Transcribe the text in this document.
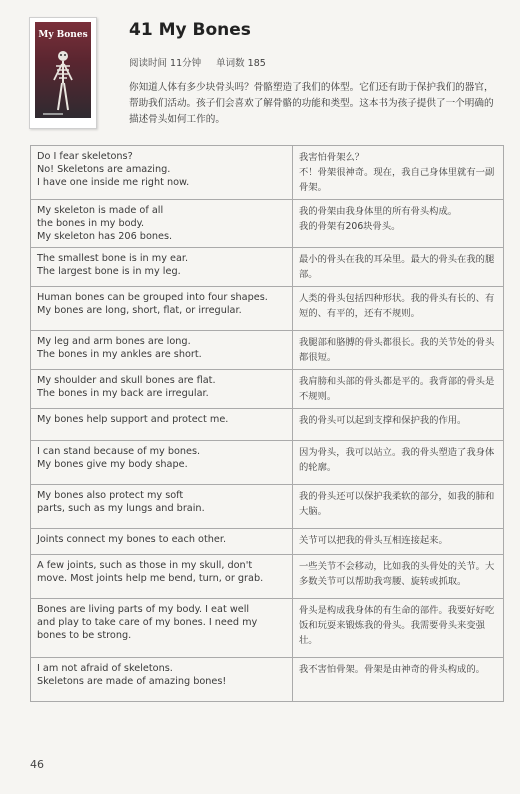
My Bones 41 My Bones
阅读时间 11分钟 单词数 185
你知道人体有多少块骨头吗？骨骼塑造了我们的体型。它们还有助于保护我们的器官，帮助我们活动。孩子们会喜欢了解骨骼的功能和类型。这本书为孩子提供了一个明确的描述骨头如何工作的。
Do I fear skeletons?
No! Skeletons are amazing.
I have one inside me right now.	我害怕骨架么？
不！骨架很神奇。现在，我自己身体里就有一副骨架。
My skeleton is made of all
the bones in my body.
My skeleton has 206 bones.	我的骨架由我身体里的所有骨头构成。
我的骨架有206块骨头。
The smallest bone is in my ear.
The largest bone is in my leg.	最小的骨头在我的耳朵里。最大的骨头在我的腿部。
Human bones can be grouped into four shapes.
My bones are long, short, flat, or irregular.	人类的骨头包括四种形状。我的骨头有长的、有短的、有平的，还有不规则。
My leg and arm bones are long.
The bones in my ankles are short.	我腿部和胳膊的骨头都很长。我的关节处的骨头都很短。
My shoulder and skull bones are flat.
The bones in my back are irregular.	我肩膀和头部的骨头都是平的。我背部的骨头是不规则。
My bones help support and protect me.	我的骨头可以起到支撑和保护我的作用。
I can stand because of my bones.
My bones give my body shape.	因为骨头，我可以站立。我的骨头塑造了我身体的轮廓。
My bones also protect my soft
parts, such as my lungs and brain.	我的骨头还可以保护我柔软的部分，如我的肺和大脑。
Joints connect my bones to each other.	关节可以把我的骨头互相连接起来。
A few joints, such as those in my skull, don't
move. Most joints help me bend, turn, or grab.	一些关节不会移动，比如我的头骨处的关节。大多数关节可以帮助我弯腰、旋转或抓取。
Bones are living parts of my body. I eat well
and play to take care of my bones. I need my
bones to be strong.	骨头是构成我身体的有生命的部件。我要好好吃饭和玩耍来锻炼我的骨头。我需要骨头来变强壮。
I am not afraid of skeletons.
Skeletons are made of amazing bones!	我不害怕骨架。骨架是由神奇的骨头构成的。
46
